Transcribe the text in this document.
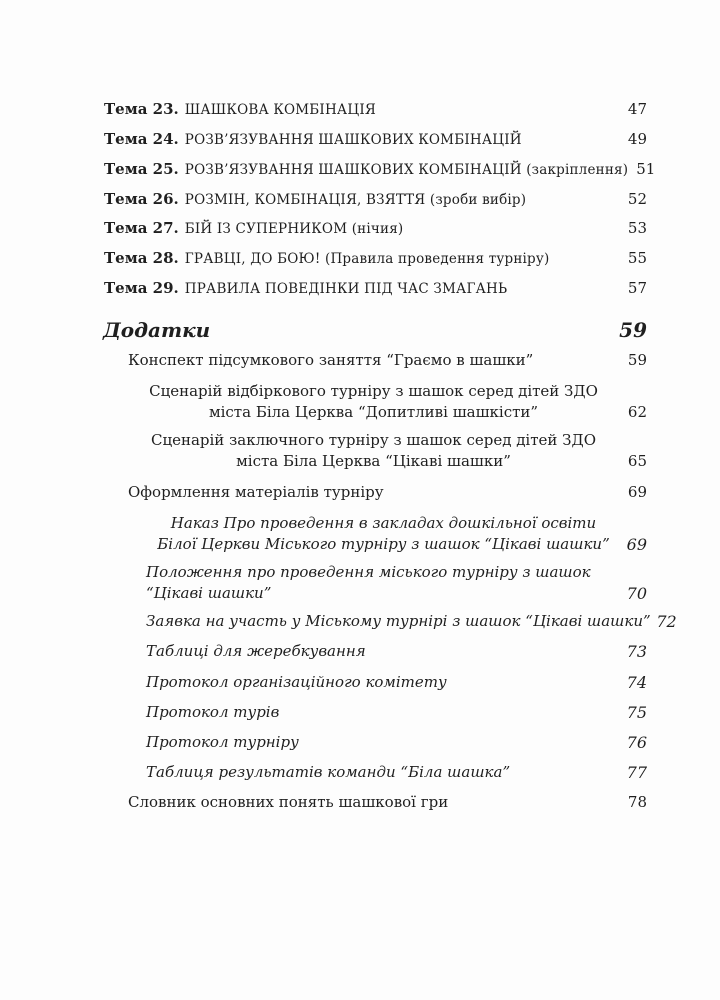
Тема 23. ШАШКОВА КОМБІНАЦІЯ	47
Тема 24. РОЗВ’ЯЗУВАННЯ ШАШКОВИХ КОМБІНАЦІЙ	49
Тема 25. РОЗВ’ЯЗУВАННЯ ШАШКОВИХ КОМБІНАЦІЙ (закріплення) 51
Тема 26. РОЗМІН, КОМБІНАЦІЯ, ВЗЯТТЯ (зроби вибір)	52
Тема 27. БІЙ ІЗ СУПЕРНИКОМ (нічия)	53
Тема 28. ГРАВЦІ, ДО БОЮ! (Правила проведення турніру)	55
Тема 29. ПРАВИЛА ПОВЕДІНКИ ПІД ЧАС ЗМАГАНЬ	57
Додатки	59
Конспект підсумкового заняття “Граємо в шашки”	59
Сценарій відбіркового турніру з шашок серед дітей ЗДО
міста Біла Церква “Допитливі шашкісти”	62
Сценарій заключного турніру з шашок серед дітей ЗДО
міста Біла Церква “Цікаві шашки”	65
Оформлення матеріалів турніру	69
Наказ Про проведення в закладах дошкільної освіти
Білої Церкви Міського турніру з шашок “Цікаві шашки”	69
Положення про проведення міського турніру з шашок
“Цікаві шашки”	70
Заявка на участь у Міському турнірі з шашок “Цікаві шашки” 72
Таблиці для жеребкування	73
Протокол організаційного комітету	74
Протокол турів	75
Протокол турніру	76
Таблиця результатів команди “Біла шашка”	77
Словник основних понять шашкової гри	78
